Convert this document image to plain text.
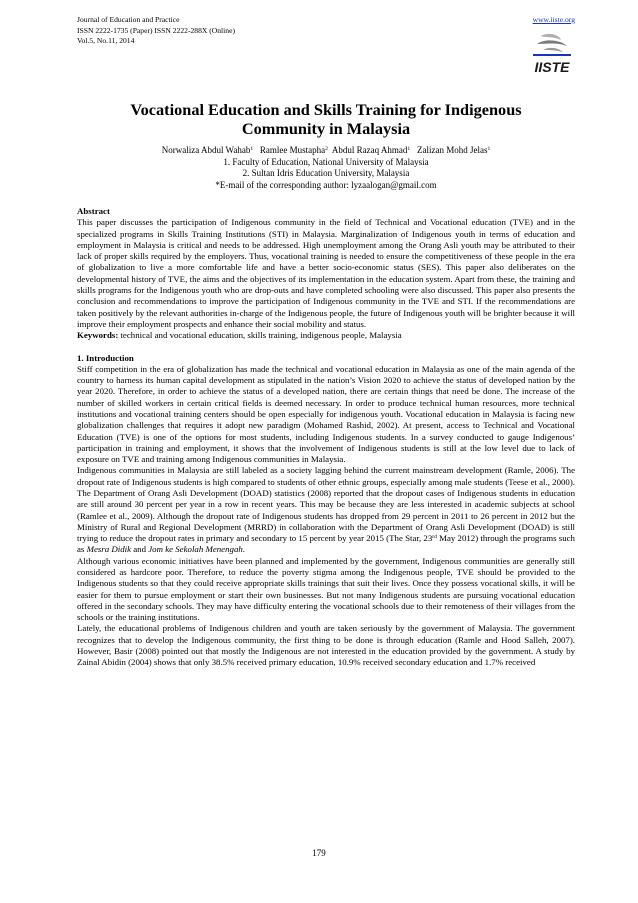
Journal of Education and Practice
ISSN 2222-1735 (Paper) ISSN 2222-288X (Online)
Vol.5, No.11, 2014
www.iiste.org
IISTE
Vocational Education and Skills Training for Indigenous
Community in Malaysia
Norwaliza Abdul Wahab$^1$ Ramlee Mustapha$^2$ Abdul Razaq Ahmad$^1$ Zalizan Mohd Jelas$^1$
1. Faculty of Education, National University of Malaysia
2. Sultan Idris Education University, Malaysia
*E-mail of the corresponding author: lyzaalogan@gmail.com

Abstract

This paper discusses the participation of Indigenous community in the field of Technical and Vocational education (TVE) and in the specialized programs in Skills Training Institutions (STI) in Malaysia. Marginalization of Indigenous youth in terms of education and employment in Malaysia is critical and needs to be addressed. High unemployment among the Orang Asli youth may be attributed to their lack of proper skills required by the employers. Thus, vocational training is needed to ensure the competitiveness of these people in the era of globalization to live a more comfortable life and have a better socio-economic status (SES). This paper also deliberates on the developmental history of TVE, the aims and the objectives of its implementation in the education system. Apart from these, the training and skills programs for the Indigenous youth who are drop-outs and have completed schooling were also discussed. This paper also presents the conclusion and recommendations to improve the participation of Indigenous community in the TVE and STI. If the recommendations are taken positively by the relevant authorities in-charge of the Indigenous people, the future of Indigenous youth will be brighter because it will improve their employment prospects and enhance their social mobility and status.

Keywords: technical and vocational education, skills training, indigenous people, Malaysia

1. Introduction

Stiff competition in the era of globalization has made the technical and vocational education in Malaysia as one of the main agenda of the country to harness its human capital development as stipulated in the nation’s Vision 2020 to achieve the status of developed nation by the year 2020. Therefore, in order to achieve the status of a developed nation, there are certain things that need be done. The increase of the number of skilled workers in certain critical fields is deemed necessary. In order to produce technical human resources, more technical institutions and vocational training centers should be open especially for indigenous youth. Vocational education in Malaysia is facing new globalization challenges that requires it adopt new paradigm (Mohamed Rashid, 2002). At present, access to Technical and Vocational Education (TVE) is one of the options for most students, including Indigenous students. In a survey conducted to gauge Indigenous’ participation in training and employment, it shows that the involvement of Indigenous students is still at the low level due to lack of exposure on TVE and training among Indigenous communities in Malaysia.

Indigenous communities in Malaysia are still labeled as a society lagging behind the current mainstream development (Ramle, 2006). The dropout rate of Indigenous students is high compared to students of other ethnic groups, especially among male students (Teese et al., 2000). The Department of Orang Asli Development (DOAD) statistics (2008) reported that the dropout cases of Indigenous students in education are still around 30 percent per year in a row in recent years. This may be because they are less interested in academic subjects at school (Ramlee et al., 2009). Although the dropout rate of Indigenous students has dropped from 29 percent in 2011 to 26 percent in 2012 but the Ministry of Rural and Regional Development (MRRD) in collaboration with the Department of Orang Asli Development (DOAD) is still trying to reduce the dropout rates in primary and secondary to 15 percent by year 2015 (The Star, 23rd May 2012) through the programs such as Mesra Didik and Jom ke Sekolah Menengah.

Although various economic initiatives have been planned and implemented by the government, Indigenous communities are generally still considered as hardcore poor. Therefore, to reduce the poverty stigma among the Indigenous people, TVE should be provided to the Indigenous students so that they could receive appropriate skills trainings that suit their lives. Once they possess vocational skills, it will be easier for them to pursue employment or start their own businesses. But not many Indigenous students are pursuing vocational education offered in the secondary schools. They may have difficulty entering the vocational schools due to their remoteness of their villages from the schools or the training institutions.

Lately, the educational problems of Indigenous children and youth are taken seriously by the government of Malaysia. The government recognizes that to develop the Indigenous community, the first thing to be done is through education (Ramle and Hood Salleh, 2007). However, Basir (2008) pointed out that mostly the Indigenous are not interested in the education provided by the government. A study by Zainal Abidin (2004) shows that only 38.5% received primary education, 10.9% received secondary education and 1.7% received

179
